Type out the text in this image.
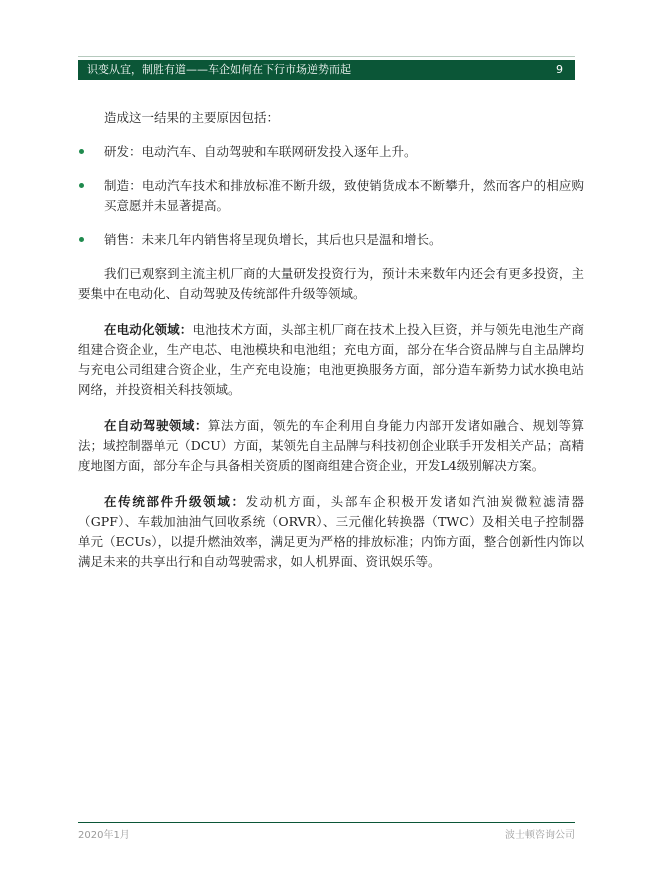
识变从宜，制胜有道——车企如何在下行市场逆势而起	9

造成这一结果的主要原因包括：

研发：电动汽车、自动驾驶和车联网研发投入逐年上升。
制造：电动汽车技术和排放标准不断升级，致使销货成本不断攀升，然而客户的相应购买意愿并未显著提高。
销售：未来几年内销售将呈现负增长，其后也只是温和增长。

我们已观察到主流主机厂商的大量研发投资行为，预计未来数年内还会有更多投资，主要集中在电动化、自动驾驶及传统部件升级等领域。

在电动化领域：电池技术方面，头部主机厂商在技术上投入巨资，并与领先电池生产商组建合资企业，生产电芯、电池模块和电池组；充电方面，部分在华合资品牌与自主品牌均与充电公司组建合资企业，生产充电设施；电池更换服务方面，部分造车新势力试水换电站网络，并投资相关科技领域。

在自动驾驶领域：算法方面，领先的车企利用自身能力内部开发诸如融合、规划等算法；域控制器单元（DCU）方面，某领先自主品牌与科技初创企业联手开发相关产品；高精度地图方面，部分车企与具备相关资质的图商组建合资企业，开发L4级别解决方案。

在传统部件升级领域：发动机方面，头部车企积极开发诸如汽油炭微粒滤清器（GPF）、车载加油油气回收系统（ORVR）、三元催化转换器（TWC）及相关电子控制器单元（ECUs），以提升燃油效率，满足更为严格的排放标准；内饰方面，整合创新性内饰以满足未来的共享出行和自动驾驶需求，如人机界面、资讯娱乐等。

2020年1月	波士顿咨询公司
